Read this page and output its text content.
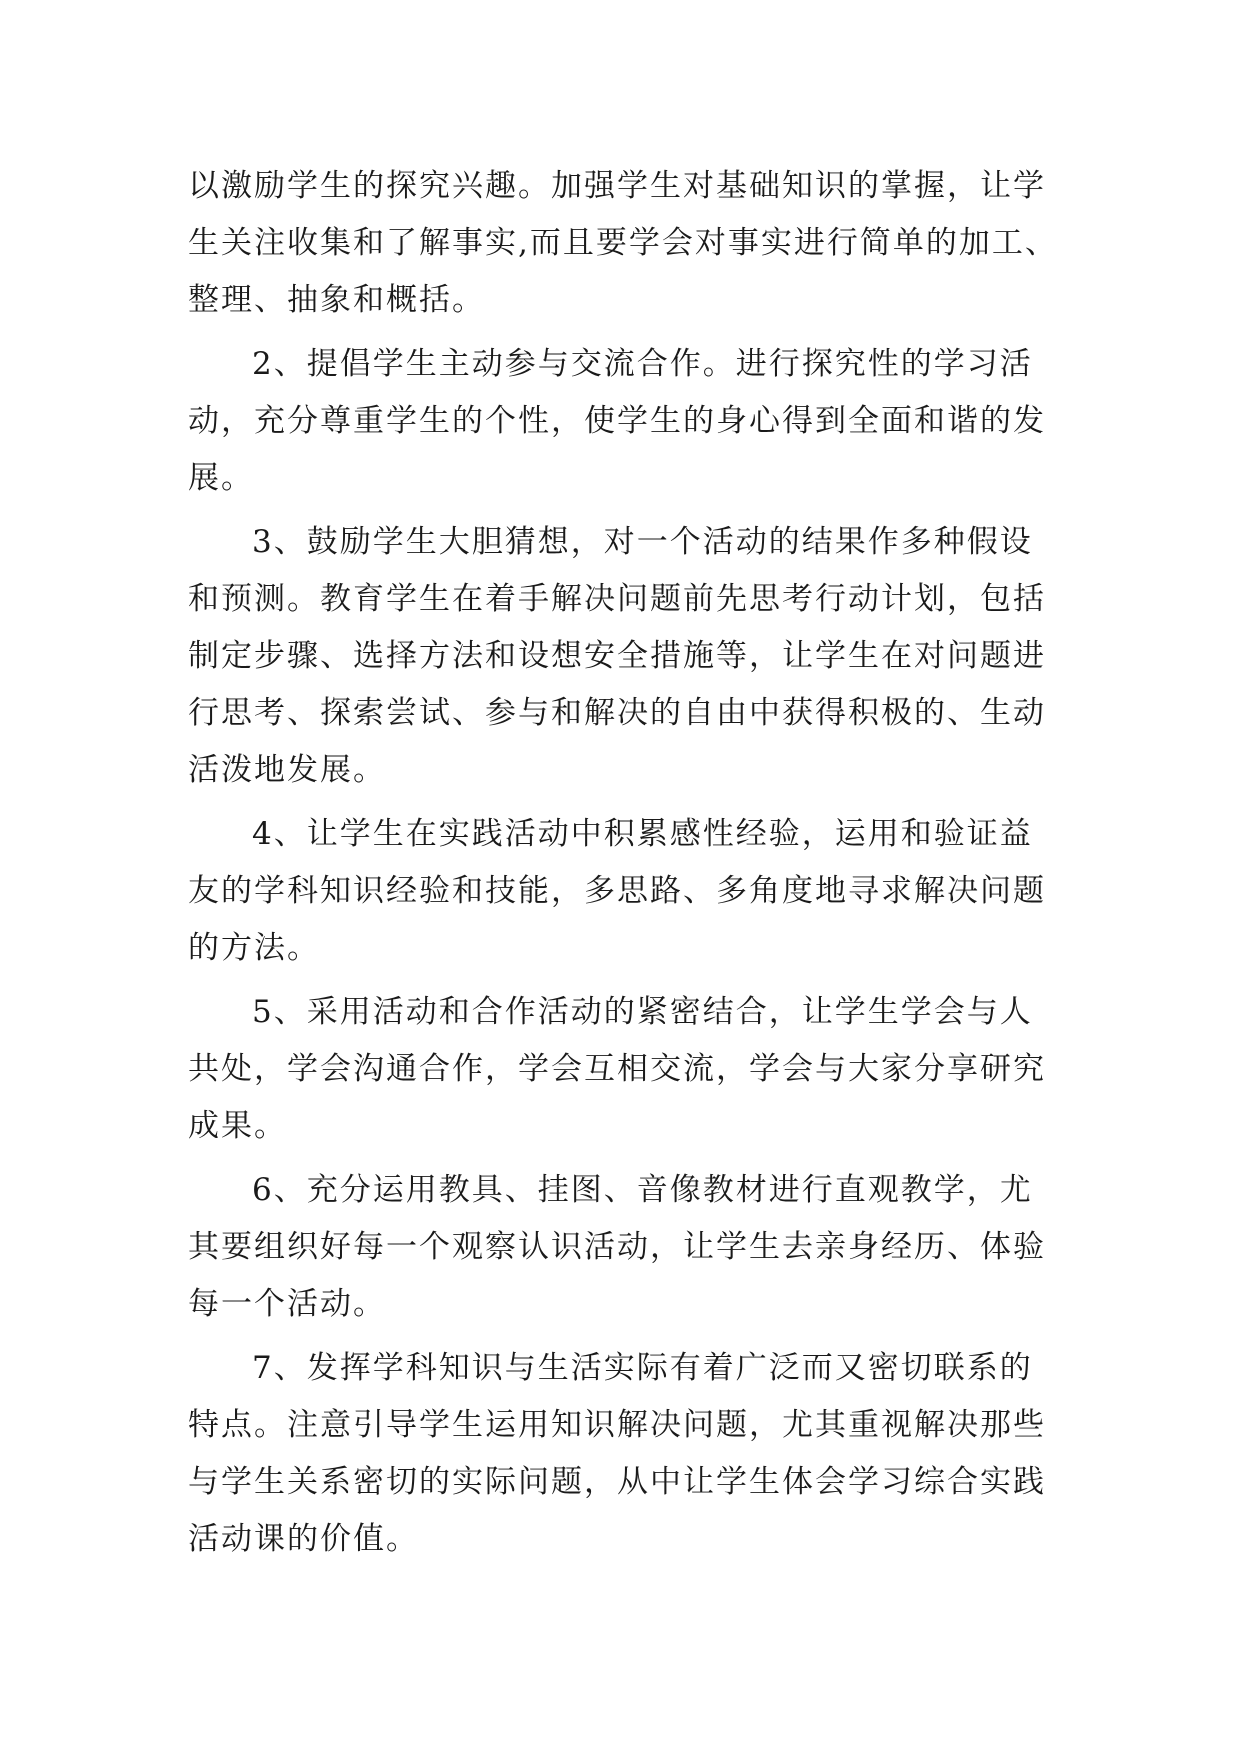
以激励学生的探究兴趣。加强学生对基础知识的掌握，让学
生关注收集和了解事实,而且要学会对事实进行简单的加工、
整理、抽象和概括。
2、提倡学生主动参与交流合作。进行探究性的学习活
动，充分尊重学生的个性，使学生的身心得到全面和谐的发
展。
3、鼓励学生大胆猜想，对一个活动的结果作多种假设
和预测。教育学生在着手解决问题前先思考行动计划，包括
制定步骤、选择方法和设想安全措施等，让学生在对问题进
行思考、探索尝试、参与和解决的自由中获得积极的、生动
活泼地发展。
4、让学生在实践活动中积累感性经验，运用和验证益
友的学科知识经验和技能，多思路、多角度地寻求解决问题
的方法。
5、采用活动和合作活动的紧密结合，让学生学会与人
共处，学会沟通合作，学会互相交流，学会与大家分享研究
成果。
6、充分运用教具、挂图、音像教材进行直观教学，尤
其要组织好每一个观察认识活动，让学生去亲身经历、体验
每一个活动。
7、发挥学科知识与生活实际有着广泛而又密切联系的
特点。注意引导学生运用知识解决问题，尤其重视解决那些
与学生关系密切的实际问题，从中让学生体会学习综合实践
活动课的价值。
